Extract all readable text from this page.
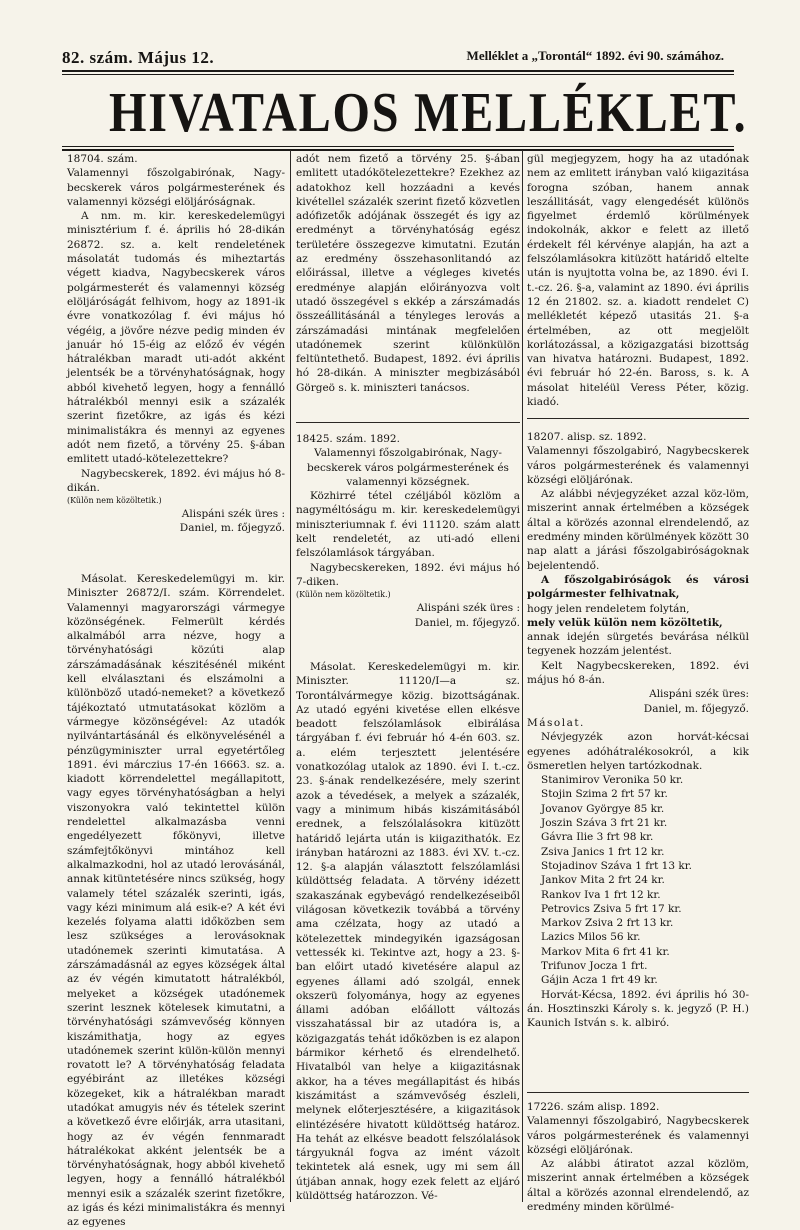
82. szám. Május 12.	Melléklet a „Torontál“ 1892. évi 90. számához.
HIVATALOS MELLÉKLET.

18704. szám.

Valamennyi főszolgabirónak, Nagy-becskerek város polgármesterének és valamennyi községi elöljáróságnak.

A nm. m. kir. kereskedelemügyi minisztérium f. é. április hó 28-dikán 26872. sz. a. kelt rendeletének másolatát tudomás és miheztartás végett kiadva, Nagybecskerek város polgármesterét és valamennyi község elöljáróságát felhivom, hogy az 1891-ik évre vonatkozólag f. évi május hó végéig, a jövőre nézve pedig minden év január hó 15-éig az előző év végén hátralékban maradt uti-adót akként jelentsék be a törvényhatóságnak, hogy abból kivehető legyen, hogy a fennálló hátralékból mennyi esik a százalék szerint fizetőkre, az igás és kézi minimalistákra és mennyi az egyenes adót nem fizető, a törvény 25. §-ában emlitett utadó-kötelezettekre?

Nagybecskerek, 1892. évi május hó 8-dikán.

(Külön nem közöltetik.)

Alispáni szék üres :

Daniel, m. főjegyző.

Másolat. Kereskedelemügyi m. kir. Miniszter 26872/I. szám. Körrendelet. Valamennyi magyarországi vármegye közönségének. Felmerült kérdés alkalmából arra nézve, hogy a törvényhatósági közúti alap zárszámadásának készitésénél miként kell elválasztani és elszámolni a különböző utadó-nemeket? a következő tájékoztató utmutatásokat közlöm a vármegye közönségével: Az utadók nyilvántartásánál és elkönyvelésénél a pénzügyminiszter urral egyetértőleg 1891. évi márczius 17-én 16663. sz. a. kiadott körrendelettel megállapitott, vagy egyes törvényhatóságban a helyi viszonyokra való tekintettel külön rendelettel alkalmazásba venni engedélyezett főkönyvi, illetve számfejtőkönyvi mintához kell alkalmazkodni, hol az utadó lerovásánál, annak kitüntetésére nincs szükség, hogy valamely tétel százalék szerinti, igás, vagy kézi minimum alá esik-e? A két évi kezelés folyama alatti időközben sem lesz szükséges a lerovásoknak utadónemek szerinti kimutatása. A zárszámadásnál az egyes községek által az év végén kimutatott hátralékból, melyeket a községek utadónemek szerint lesznek kötelesek kimutatni, a törvényhatósági számvevőség könnyen kiszámithatja, hogy az egyes utadónemek szerint külön-külön mennyi rovatott le? A törvényhatóság feladata egyébiránt az illetékes községi közegeket, kik a hátralékban maradt utadókat amugyis név és tételek szerint a következő évre előirják, arra utasitani, hogy az év végén fennmaradt hátralékokat akként jelentsék be a törvényhatóságnak, hogy abból kivehető legyen, hogy a fennálló hátralékból mennyi esik a százalék szerint fizetőkre, az igás és kézi minimalistákra és mennyi az egyenes

adót nem fizető a törvény 25. §-ában emlitett utadókötelezettekre? Ezekhez az adatokhoz kell hozzáadni a kevés kivétellel százalék szerint fizető közvetlen adófizetők adójának összegét és igy az eredményt a törvényhatóság egész területére összegezve kimutatni. Ezután az eredmény összehasonlitandó az előirással, illetve a végleges kivetés eredménye alapján előirányozva volt utadó összegével s ekkép a zárszámadás összeállitásánál a tényleges lerovás a zárszámadási mintának megfelelően utadónemek szerint különkülön feltüntethető. Budapest, 1892. évi április hó 28-dikán. A miniszter megbizásából Görgeö s. k. miniszteri tanácsos.

18425. szám. 1892.

Valamennyi főszolgabirónak, Nagy-becskerek város polgármesterének és valamennyi községnek.

Közhirré tétel czéljából közlöm a nagyméltóságu m. kir. kereskedelemügyi miniszteriumnak f. évi 11120. szám alatt kelt rendeletét, az uti-adó elleni felszólamlások tárgyában.

Nagybecskereken, 1892. évi május hó 7-diken.

(Külön nem közöltetik.)

Alispáni szék üres :

Daniel, m. főjegyző.

Másolat. Kereskedelemügyi m. kir. Miniszter. 11120/I—a sz. Torontálvármegye közig. bizottságának. Az utadó egyéni kivetése ellen elkésve beadott felszólamlások elbirálása tárgyában f. évi február hó 4-én 603. sz. a. elém terjesztett jelentésére vonatkozólag utalok az 1890. évi I. t.-cz. 23. §-ának rendelkezésére, mely szerint azok a tévedések, a melyek a százalék, vagy a minimum hibás kiszámitásából erednek, a felszólalásokra kitüzött határidő lejárta után is kiigazithatók. Ez irányban határozni az 1883. évi XV. t.-cz. 12. §-a alapján választott felszólamlási küldöttség feladata. A törvény idézett szakaszának egybevágó rendelkezéseiből világosan következik továbbá a törvény ama czélzata, hogy az utadó a kötelezettek mindegyikén igazságosan vettessék ki. Tekintve azt, hogy a 23. §-ban előirt utadó kivetésére alapul az egyenes állami adó szolgál, ennek okszerü folyománya, hogy az egyenes állami adóban előállott változás visszahatással bir az utadóra is, a közigazgatás tehát időközben is ez alapon bármikor kérhető és elrendelhető. Hivatalból van helye a kiigazitásnak akkor, ha a téves megállapitást és hibás kiszámitást a számvevőség észleli, melynek előterjesztésére, a kiigazitások elintézésére hivatott küldöttség határoz. Ha tehát az elkésve beadott felszólalások tárgyuknál fogva az imént vázolt tekintetek alá esnek, ugy mi sem áll útjában annak, hogy ezek felett az eljáró küldöttség határozzon. Vé-

gül megjegyzem, hogy ha az utadónak nem az emlitett irányban való kiigazitása forogna szóban, hanem annak leszállitását, vagy elengedését különös figyelmet érdemlő körülmények indokolnák, akkor e felett az illető érdekelt fél kérvénye alapján, ha azt a felszólamlásokra kitüzött határidő eltelte után is nyujtotta volna be, az 1890. évi I. t.-cz. 26. §-a, valamint az 1890. évi április 12 én 21802. sz. a. kiadott rendelet C) mellékletét képező utasitás 21. §-a értelmében, az ott megjelölt korlátozással, a közigazgatási bizottság van hivatva határozni. Budapest, 1892. évi február hó 22-én. Baross, s. k. A másolat hiteléül Veress Péter, közig. kiadó.

18207. alisp. sz. 1892.

Valamennyi főszolgabiró, Nagybecskerek város polgármesterének és valamennyi községi elöljárónak.

Az alábbi névjegyzéket azzal köz-löm, miszerint annak értelmében a községek által a körözés azonnal elrendelendő, az eredmény minden körülmények között 30 nap alatt a járási főszolgabiróságoknak bejelentendő.

A főszolgabiróságok és városi polgármester felhivatnak,

hogy jelen rendeletem folytán,

mely velük külön nem közöltetik,

annak idején sürgetés bevárása nélkül tegyenek hozzám jelentést.

Kelt Nagybecskereken, 1892. évi május hó 8-án.

Alispáni szék üres:

Daniel, m. főjegyző.

Másolat.

Névjegyzék azon horvát-kécsai egyenes adóhátralékosokról, a kik ösmeretlen helyen tartózkodnak.

Stanimirov Veronika 50 kr.

Stojin Szima 2 frt 57 kr.

Jovanov Györgye 85 kr.

Joszin Száva 3 frt 21 kr.

Gávra Ilie 3 frt 98 kr.

Zsiva Janics 1 frt 12 kr.

Stojadinov Száva 1 frt 13 kr.

Jankov Mita 2 frt 24 kr.

Rankov Iva 1 frt 12 kr.

Petrovics Zsiva 5 frt 17 kr.

Markov Zsiva 2 frt 13 kr.

Lazics Milos 56 kr.

Markov Mita 6 frt 41 kr.

Trifunov Jocza 1 frt.

Gájin Acza 1 frt 49 kr.

Horvát-Kécsa, 1892. évi április hó 30-án. Hosztinszki Károly s. k. jegyző (P. H.) Kaunich István s. k. albiró.

17226. szám alisp. 1892.

Valamennyi főszolgabiró, Nagybecskerek város polgármesterének és valamennyi községi elöljárónak.

Az alábbi átiratot azzal közlöm, miszerint annak értelmében a községek által a körözés azonnal elrendelendő, az eredmény minden körülmé-
